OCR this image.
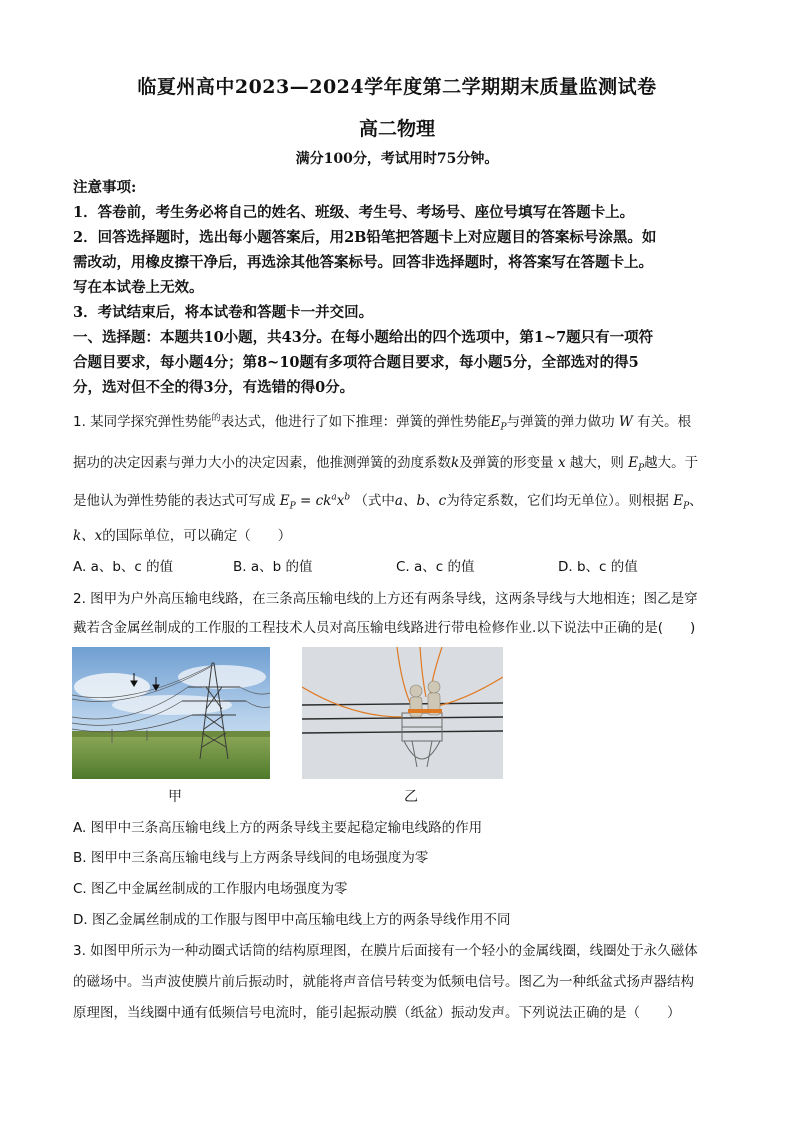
临夏州高中2023—2024学年度第二学期期末质量监测试卷
高二物理
满分100分，考试用时75分钟。
注意事项:
1．答卷前，考生务必将自己的姓名、班级、考生号、考场号、座位号填写在答题卡上。
2．回答选择题时，选出每小题答案后，用2B铅笔把答题卡上对应题目的答案标号涂黑。如
需改动，用橡皮擦干净后，再选涂其他答案标号。回答非选择题时，将答案写在答题卡上。
写在本试卷上无效。
3．考试结束后，将本试卷和答题卡一并交回。
一、选择题：本题共10小题，共43分。在每小题给出的四个选项中，第1~7题只有一项符
合题目要求，每小题4分；第8~10题有多项符合题目要求，每小题5分，全部选对的得5
分，选对但不全的得3分，有选错的得0分。
1. 某同学探究弹性势能$^的$表达式，他进行了如下推理：弹簧的弹性势能$E_P$与弹簧的弹力做功 W 有关。根
据功的决定因素与弹力大小的决定因素，他推测弹簧的劲度系数k及弹簧的形变量 x 越大，则 $E_P$越大。于
是他认为弹性势能的表达式可写成 $E_P = ck^ax^b$ （式中a、b、c为待定系数，它们均无单位）。则根据 $E_P$、
k、x的国际单位，可以确定（　　）
A. a、b、c 的值	B. a、b 的值	C. a、c 的值	D. b、c 的值
2. 图甲为户外高压输电线路，在三条高压输电线的上方还有两条导线，这两条导线与大地相连；图乙是穿
戴若含金属丝制成的工作服的工程技术人员对高压输电线路进行带电检修作业.以下说法中正确的是(　　)
甲	乙
A. 图甲中三条高压输电线上方的两条导线主要起稳定输电线路的作用
B. 图甲中三条高压输电线与上方两条导线间的电场强度为零
C. 图乙中金属丝制成的工作服内电场强度为零
D. 图乙金属丝制成的工作服与图甲中高压输电线上方的两条导线作用不同
3. 如图甲所示为一种动圈式话筒的结构原理图，在膜片后面接有一个轻小的金属线圈，线圈处于永久磁体
的磁场中。当声波使膜片前后振动时，就能将声音信号转变为低频电信号。图乙为一种纸盆式扬声器结构
原理图，当线圈中通有低频信号电流时，能引起振动膜（纸盆）振动发声。下列说法正确的是（　　）
